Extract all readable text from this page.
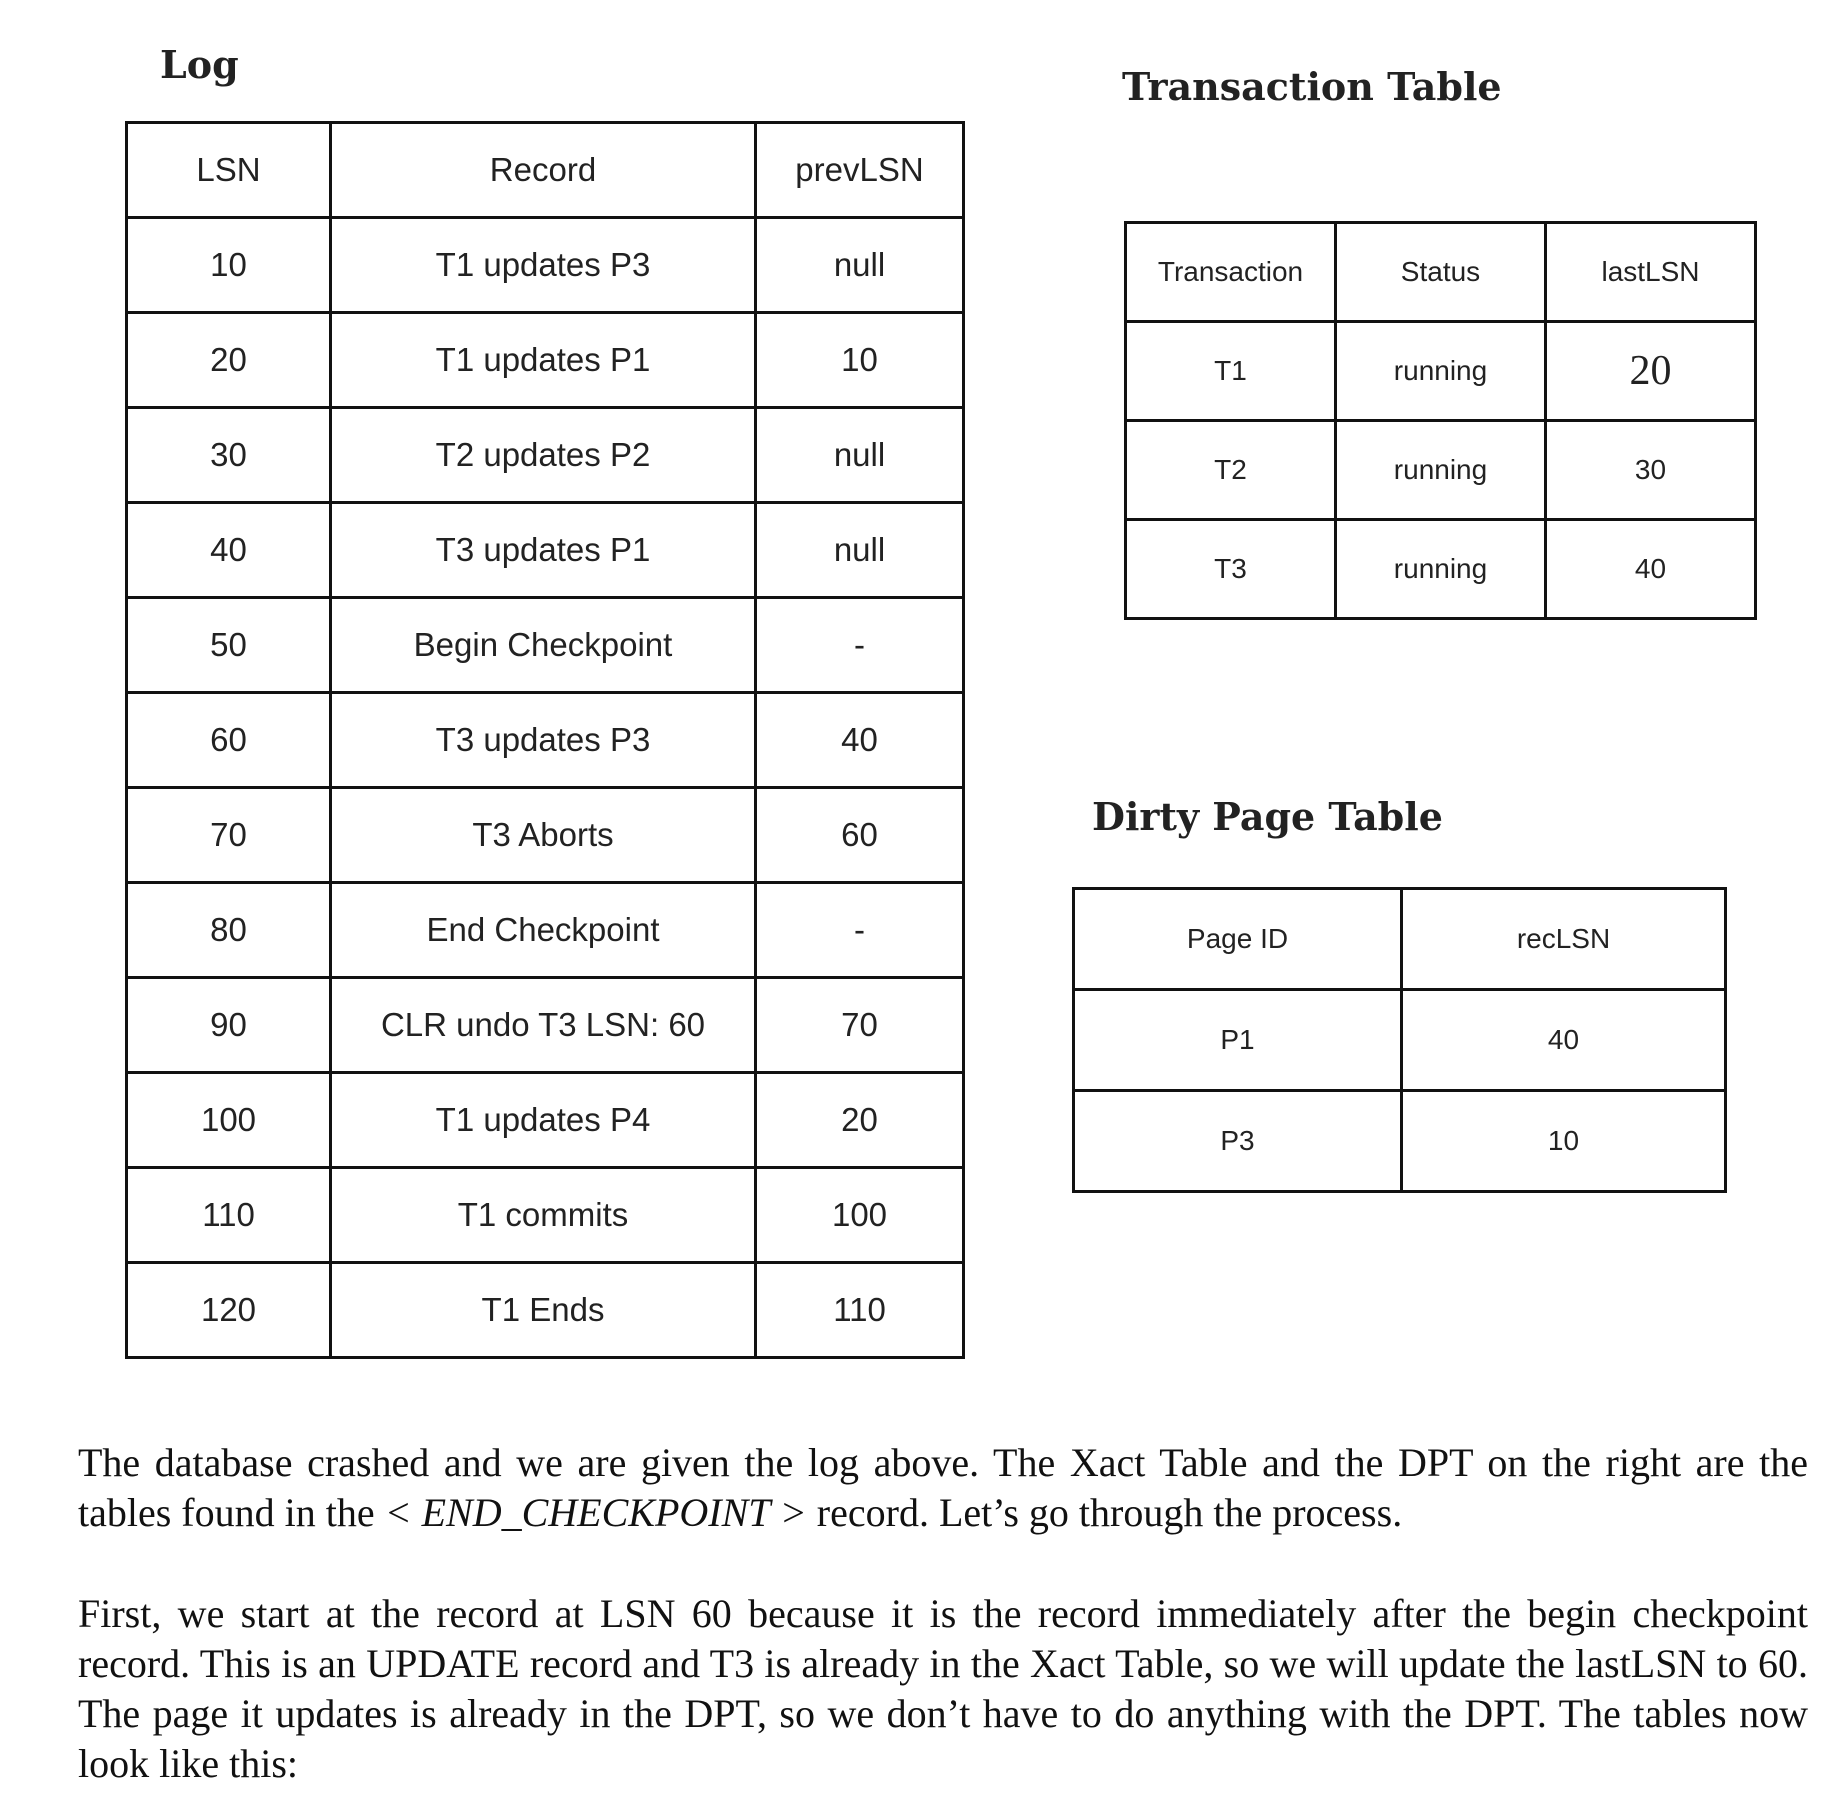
Log
LSN	Record	prevLSN
10	T1 updates P3	null
20	T1 updates P1	10
30	T2 updates P2	null
40	T3 updates P1	null
50	Begin Checkpoint	-
60	T3 updates P3	40
70	T3 Aborts	60
80	End Checkpoint	-
90	CLR undo T3 LSN: 60	70
100	T1 updates P4	20
110	T1 commits	100
120	T1 Ends	110
Transaction Table
Transaction	Status	lastLSN
T1	running	20
T2	running	30
T3	running	40
Dirty Page Table
Page ID	recLSN
P1	40
P3	10

The database crashed and we are given the log above. The Xact Table and the DPT on the right are the tables found in the < END_CHECKPOINT > record. Let’s go through the process.

First, we start at the record at LSN 60 because it is the record immediately after the begin checkpoint record. This is an UPDATE record and T3 is already in the Xact Table, so we will update the lastLSN to 60. The page it updates is already in the DPT, so we don’t have to do anything with the DPT. The tables now look like this:
